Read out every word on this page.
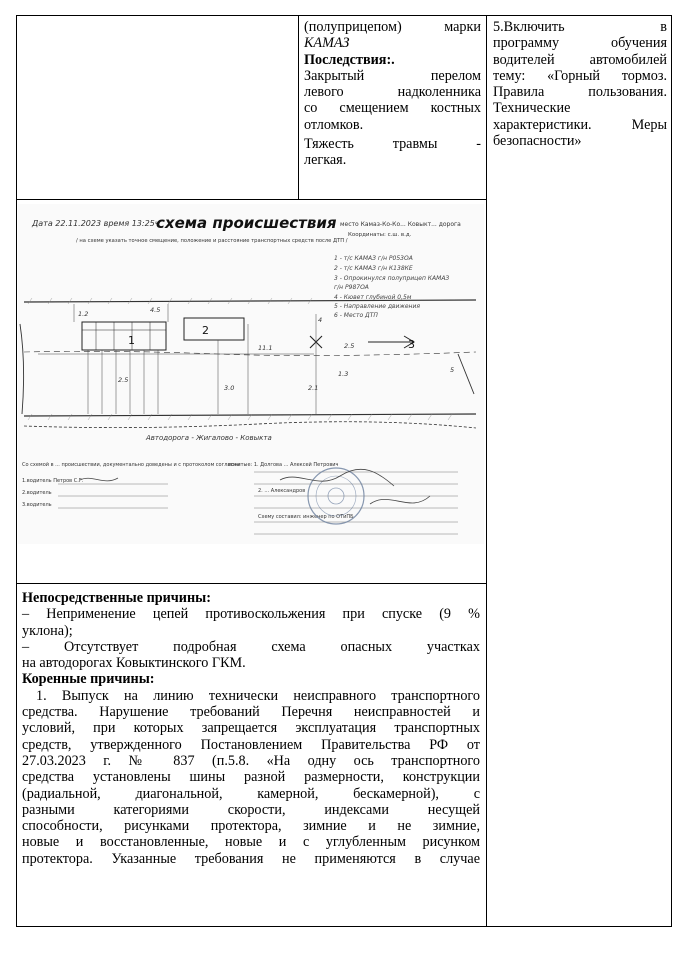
(полуприцепом) марки
КАМАЗ
Последствия:.
Закрытый перелом
левого надколенника
со смещением костных
отломков.
Тяжесть травмы -
легкая.
5.Включить в
программу обучения
водителей автомобилей
тему: «Горный тормоз.
Правила пользования.
Технические
характеристики. Меры
безопасности»
Дата 22.11.2023 время 13:25ч
схема происшествия место Камаз-Ко-Ко... Ковыкт... дорога
Координаты: с.ш. в.д.
/ на схеме указать точное смещение, положение и расстояние транспортных средств после ДТП /
1 - т/с КАМАЗ г/н Р053ОА
2 - т/с КАМАЗ г/н К138КЕ
3 - Опрокинулся полуприцеп КАМАЗ
г/н Р987ОА
4 - Кювет глубиной 0,5м
5 - Направление движения
6 - Место ДТП
1
2
3
4.5
1.2
2.5
3.0
4
2.1
1.3
11.1	2.5
5
Автодорога - Жигалово - Ковыкта
Со схемой в ... происшествии, документально доведены и с протоколом согласны
1.водитель Петров С.Г.
2.водитель
3.водитель
понятые: 1. Долгова ... Алексей Петрович
2. ... Александров
Схему составил: инженер по ОТиПБ
Непосредственные причины:
– Неприменение цепей противоскольжения при спуске (9 %
уклона);
– Отсутствует подробная схема опасных участках
на автодорогах Ковыктинского ГКМ.
Коренные причины:
1. Выпуск на линию технически неисправного транспортного
средства. Нарушение требований Перечня неисправностей и
условий, при которых запрещается эксплуатация транспортных
средств, утвержденного Постановлением Правительства РФ от
27.03.2023 г. № 837 (п.5.8. «На одну ось транспортного
средства установлены шины разной размерности, конструкции
(радиальной, диагональной, камерной, бескамерной), с
разными категориями скорости, индексами несущей
способности, рисунками протектора, зимние и не зимние,
новые и восстановленные, новые и с углубленным рисунком
протектора. Указанные требования не применяются в случае
